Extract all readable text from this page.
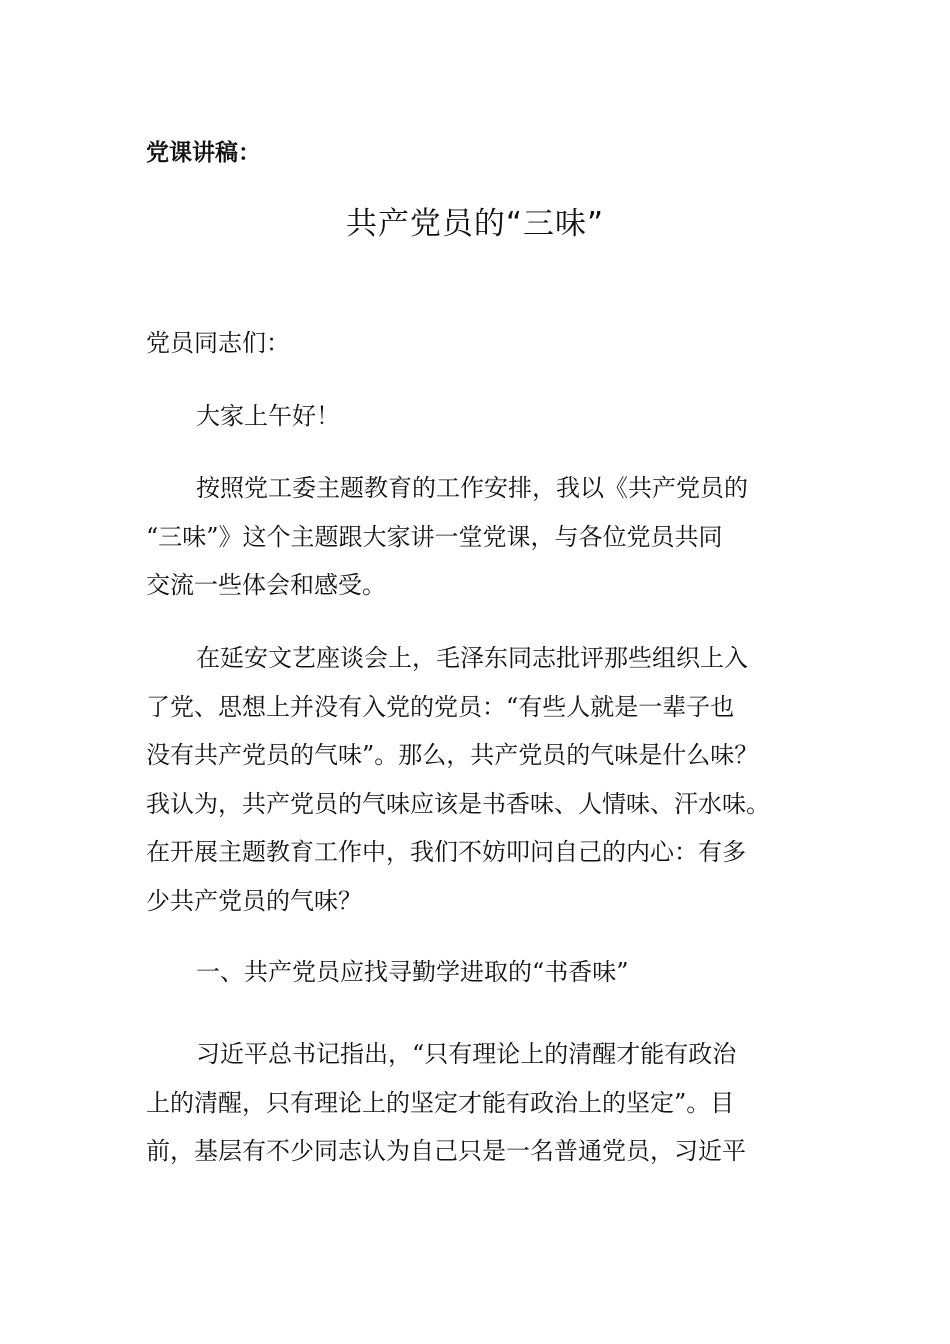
党课讲稿：
共产党员的“三味”

党员同志们：

大家上午好！

按照党工委主题教育的工作安排，我以《共产党员的
“三味”》这个主题跟大家讲一堂党课，与各位党员共同
交流一些体会和感受。

在延安文艺座谈会上，毛泽东同志批评那些组织上入
了党、思想上并没有入党的党员：“有些人就是一辈子也
没有共产党员的气味”。那么，共产党员的气味是什么味？
我认为，共产党员的气味应该是书香味、人情味、汗水味。
在开展主题教育工作中，我们不妨叩问自己的内心：有多
少共产党员的气味？

一、共产党员应找寻勤学进取的“书香味”

习近平总书记指出，“只有理论上的清醒才能有政治
上的清醒，只有理论上的坚定才能有政治上的坚定”。目
前，基层有不少同志认为自己只是一名普通党员，习近平
